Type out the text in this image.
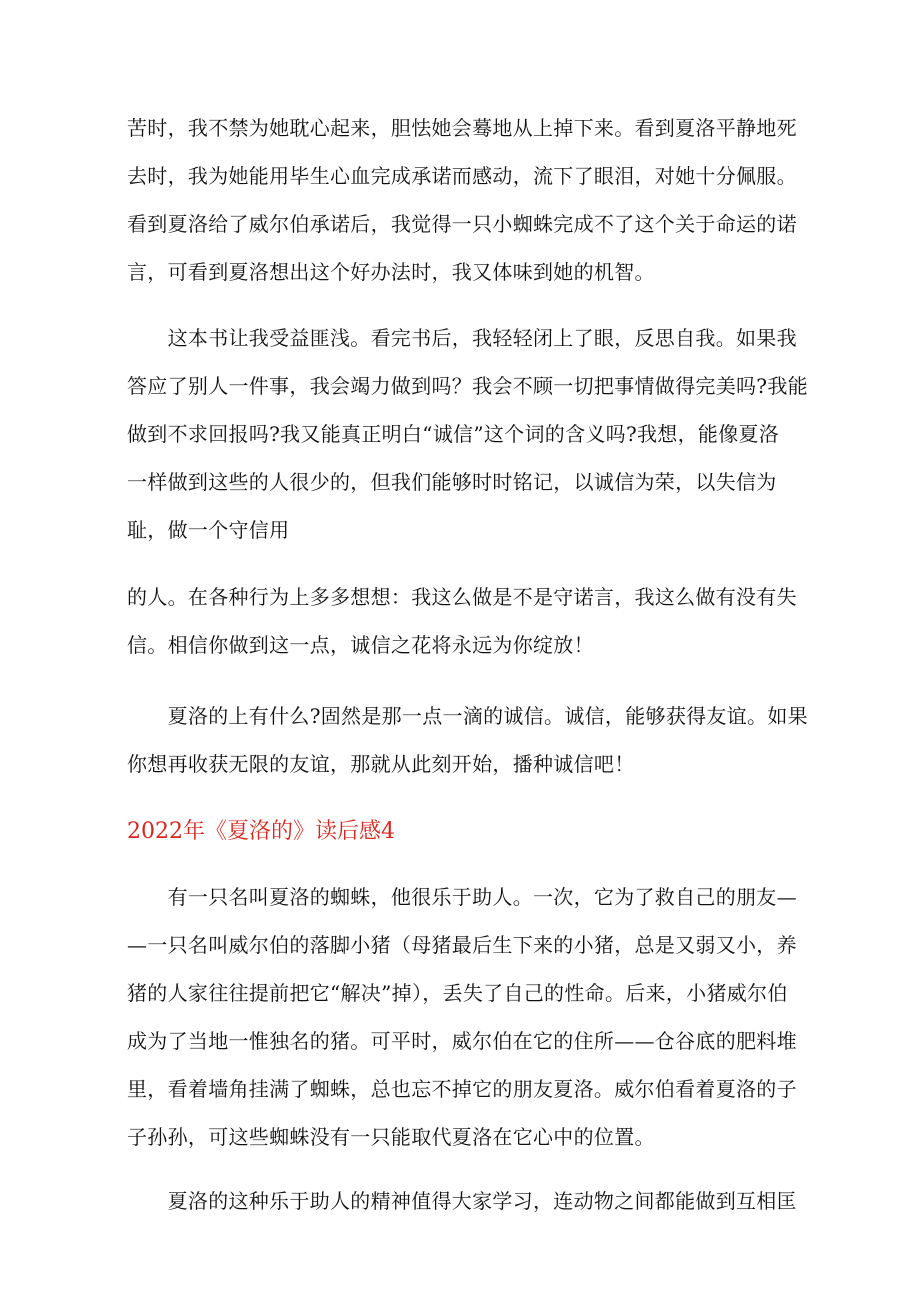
苦时，我不禁为她耽心起来，胆怯她会蓦地从上掉下来。看到夏洛平静地死
去时，我为她能用毕生心血完成承诺而感动，流下了眼泪，对她十分佩服。
看到夏洛给了威尔伯承诺后，我觉得一只小蜘蛛完成不了这个关于命运的诺
言，可看到夏洛想出这个好办法时，我又体味到她的机智。
　　这本书让我受益匪浅。看完书后，我轻轻闭上了眼，反思自我。如果我
答应了别人一件事，我会竭力做到吗？我会不顾一切把事情做得完美吗?我能
做到不求回报吗?我又能真正明白“诚信”这个词的含义吗?我想，能像夏洛
一样做到这些的人很少的，但我们能够时时铭记，以诚信为荣，以失信为
耻，做一个守信用
的人。在各种行为上多多想想：我这么做是不是守诺言，我这么做有没有失
信。相信你做到这一点，诚信之花将永远为你绽放！
　　夏洛的上有什么?固然是那一点一滴的诚信。诚信，能够获得友谊。如果
你想再收获无限的友谊，那就从此刻开始，播种诚信吧！
2022年《夏洛的》读后感4
　　有一只名叫夏洛的蜘蛛，他很乐于助人。一次，它为了救自己的朋友—
—一只名叫威尔伯的落脚小猪（母猪最后生下来的小猪，总是又弱又小，养
猪的人家往往提前把它“解决”掉），丢失了自己的性命。后来，小猪威尔伯
成为了当地一惟独名的猪。可平时，威尔伯在它的住所——仓谷底的肥料堆
里，看着墙角挂满了蜘蛛，总也忘不掉它的朋友夏洛。威尔伯看着夏洛的子
子孙孙，可这些蜘蛛没有一只能取代夏洛在它心中的位置。
　　夏洛的这种乐于助人的精神值得大家学习，连动物之间都能做到互相匡
